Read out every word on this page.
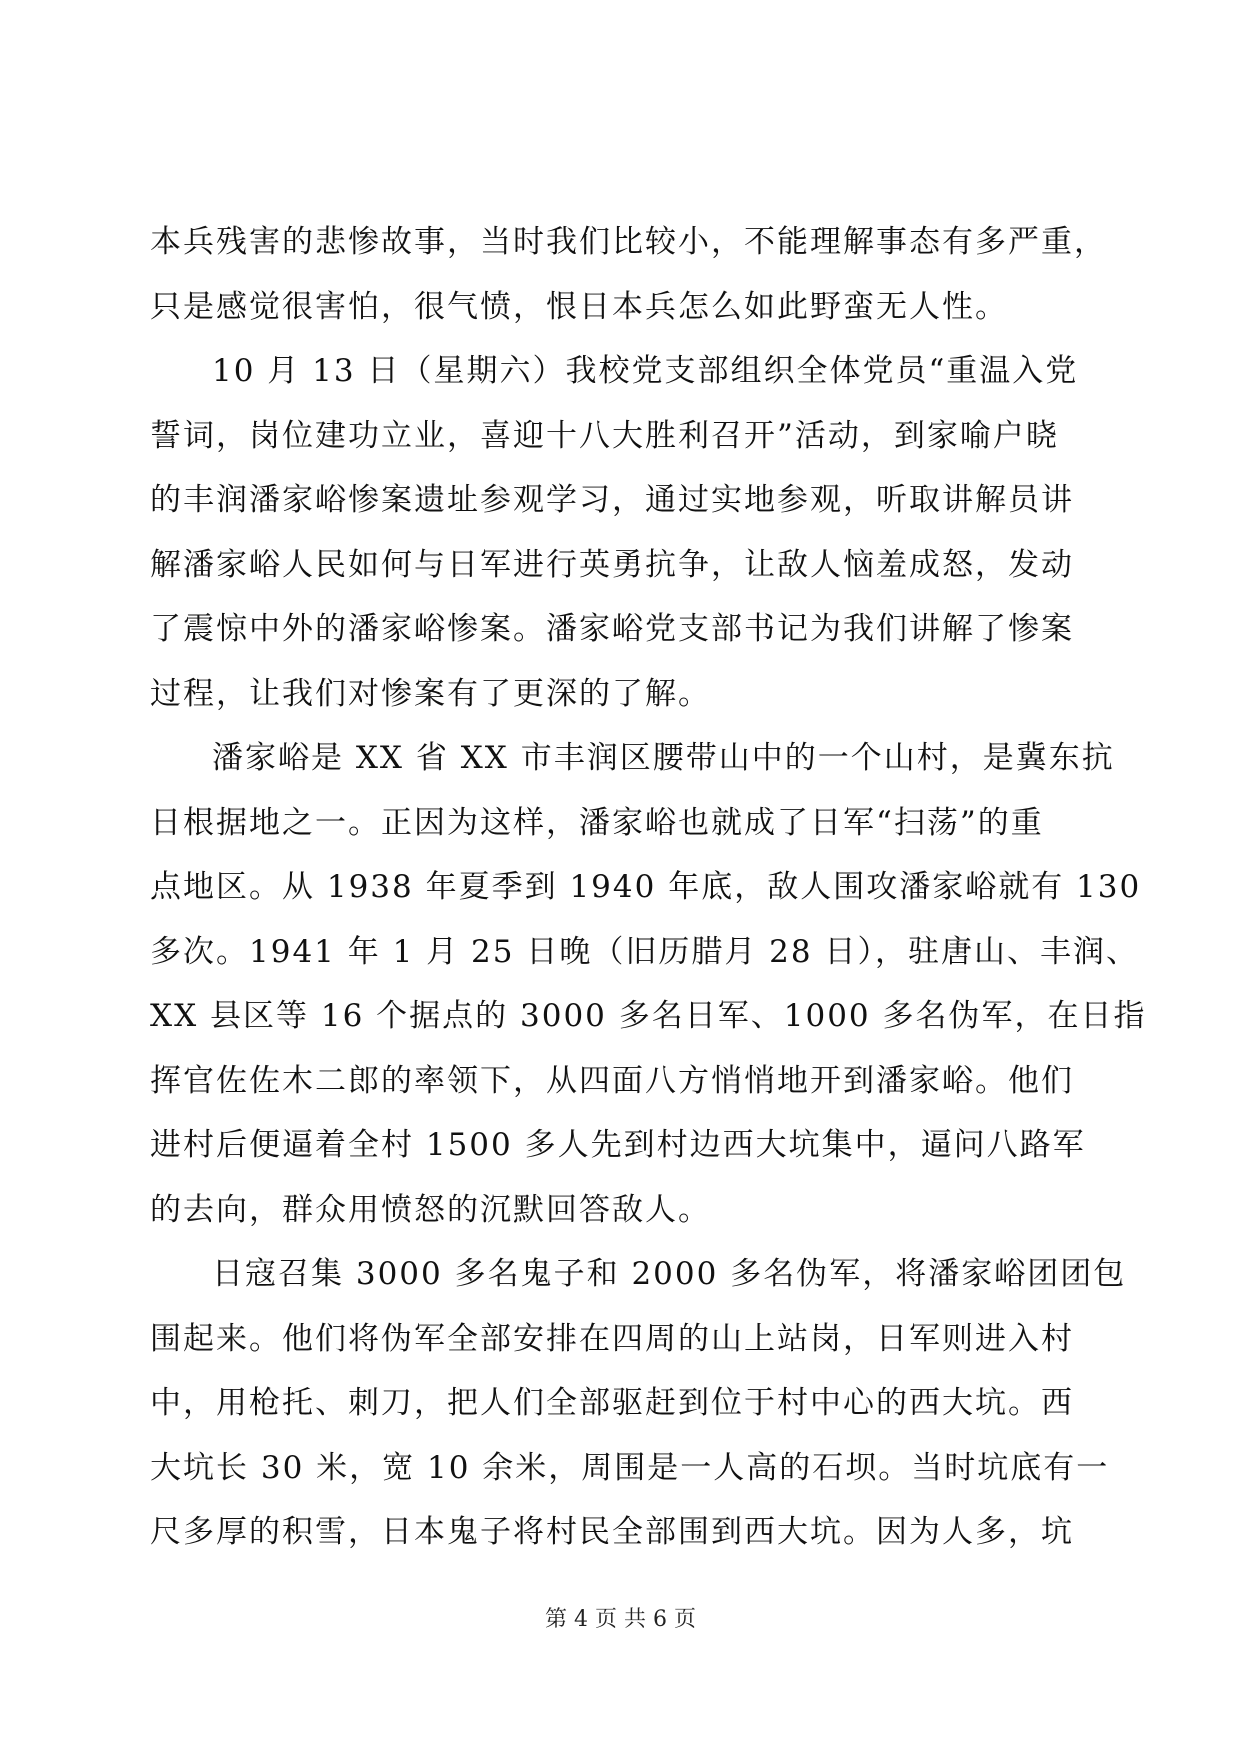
本兵残害的悲惨故事，当时我们比较小，不能理解事态有多严重，
只是感觉很害怕，很气愤，恨日本兵怎么如此野蛮无人性。
10 月 13 日（星期六）我校党支部组织全体党员“重温入党
誓词，岗位建功立业，喜迎十八大胜利召开”活动，到家喻户晓
的丰润潘家峪惨案遗址参观学习，通过实地参观，听取讲解员讲
解潘家峪人民如何与日军进行英勇抗争，让敌人恼羞成怒，发动
了震惊中外的潘家峪惨案。潘家峪党支部书记为我们讲解了惨案
过程，让我们对惨案有了更深的了解。
潘家峪是 XX 省 XX 市丰润区腰带山中的一个山村，是冀东抗
日根据地之一。正因为这样，潘家峪也就成了日军“扫荡”的重
点地区。从 1938 年夏季到 1940 年底，敌人围攻潘家峪就有 130
多次。1941 年 1 月 25 日晚（旧历腊月 28 日），驻唐山、丰润、
XX 县区等 16 个据点的 3000 多名日军、1000 多名伪军，在日指
挥官佐佐木二郎的率领下，从四面八方悄悄地开到潘家峪。他们
进村后便逼着全村 1500 多人先到村边西大坑集中，逼问八路军
的去向，群众用愤怒的沉默回答敌人。
日寇召集 3000 多名鬼子和 2000 多名伪军，将潘家峪团团包
围起来。他们将伪军全部安排在四周的山上站岗，日军则进入村
中，用枪托、刺刀，把人们全部驱赶到位于村中心的西大坑。西
大坑长 30 米，宽 10 余米，周围是一人高的石坝。当时坑底有一
尺多厚的积雪，日本鬼子将村民全部围到西大坑。因为人多，坑
第 4 页 共 6 页
